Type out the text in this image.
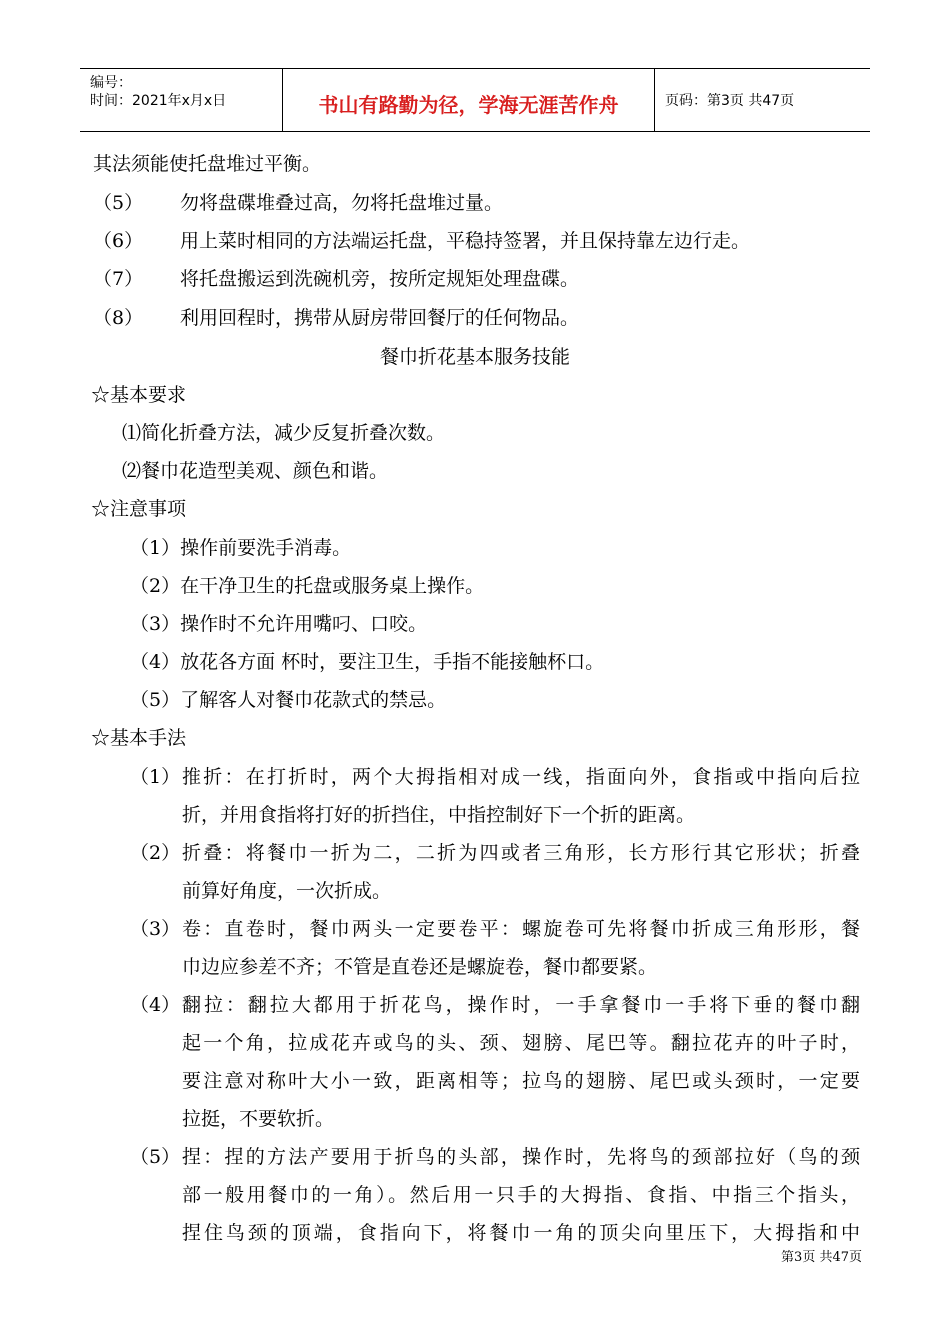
编号：
时间：2021年x月x日	书山有路勤为径，学海无涯苦作舟	页码：第3页 共47页
其法须能使托盘堆过平衡。
（5） 勿将盘碟堆叠过高，勿将托盘堆过量。
（6） 用上菜时相同的方法端运托盘，平稳持签署，并且保持靠左边行走。
（7） 将托盘搬运到洗碗机旁，按所定规矩处理盘碟。
（8） 利用回程时，携带从厨房带回餐厅的任何物品。
餐巾折花基本服务技能
☆基本要求
⑴简化折叠方法，减少反复折叠次数。
⑵餐巾花造型美观、颜色和谐。
☆注意事项
（1）操作前要洗手消毒。
（2）在干净卫生的托盘或服务桌上操作。
（3）操作时不允许用嘴叼、口咬。
（4）放花各方面 杯时，要注卫生，手指不能接触杯口。
（5）了解客人对餐巾花款式的禁忌。
☆基本手法
（1） 推折：在打折时，两个大拇指相对成一线，指面向外，食指或中指向后拉
折，并用食指将打好的折挡住，中指控制好下一个折的距离。
（2） 折叠：将餐巾一折为二，二折为四或者三角形，长方形行其它形状；折叠
前算好角度，一次折成。
（3） 卷：直卷时，餐巾两头一定要卷平：螺旋卷可先将餐巾折成三角形形，餐
巾边应参差不齐；不管是直卷还是螺旋卷，餐巾都要紧。
（4） 翻拉：翻拉大都用于折花鸟，操作时，一手拿餐巾一手将下垂的餐巾翻
起一个角，拉成花卉或鸟的头、颈、翅膀、尾巴等。翻拉花卉的叶子时，
要注意对称叶大小一致，距离相等；拉鸟的翅膀、尾巴或头颈时，一定要
拉挺，不要软折。
（5） 捏：捏的方法产要用于折鸟的头部，操作时，先将鸟的颈部拉好（鸟的颈
部一般用餐巾的一角）。然后用一只手的大拇指、食指、中指三个指头，
捏住鸟颈的顶端，食指向下，将餐巾一角的顶尖向里压下，大拇指和中
第3页 共47页
